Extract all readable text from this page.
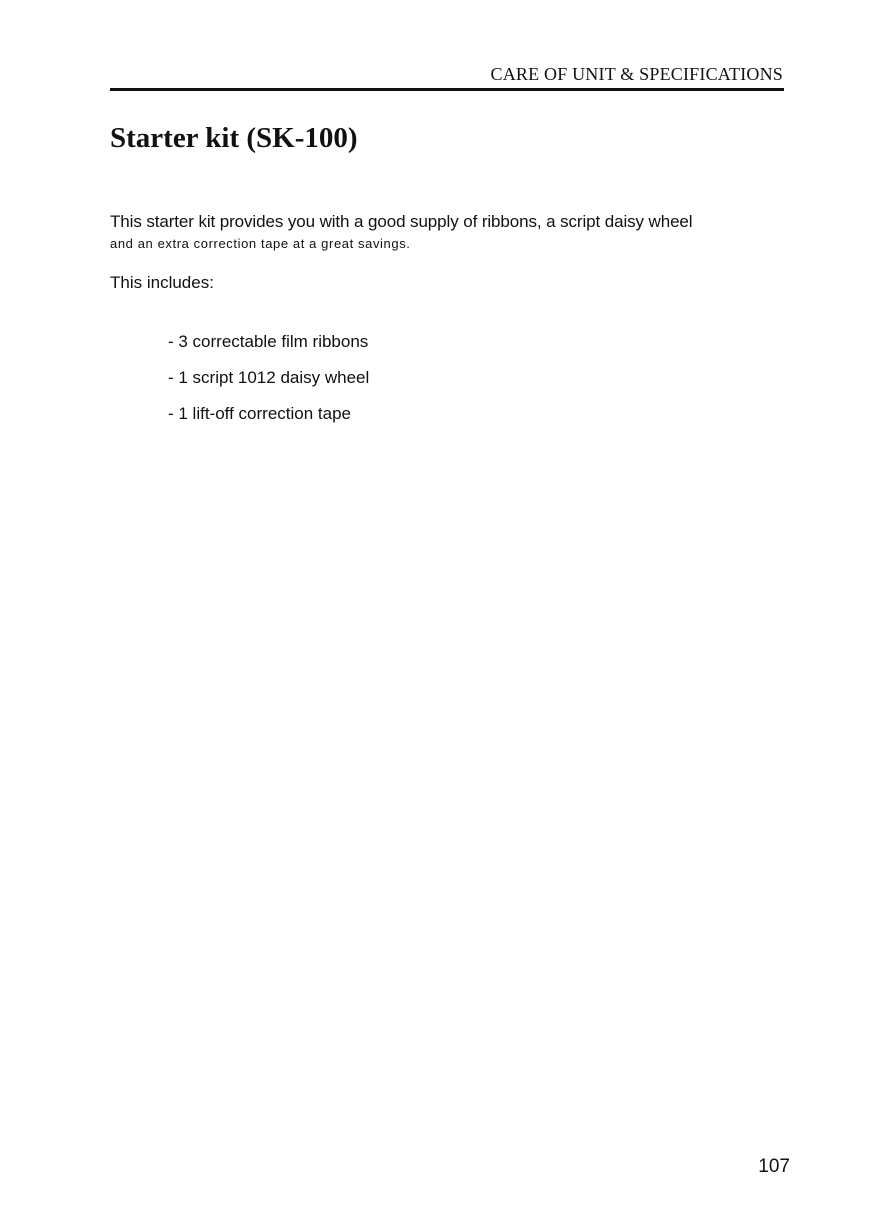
CARE OF UNIT & SPECIFICATIONS
Starter kit (SK-100)

This starter kit provides you with a good supply of ribbons, a script daisy wheel
and an extra correction tape at a great savings.

This includes:

- 3 correctable film ribbons
- 1 script 1012 daisy wheel
- 1 lift-off correction tape
107
